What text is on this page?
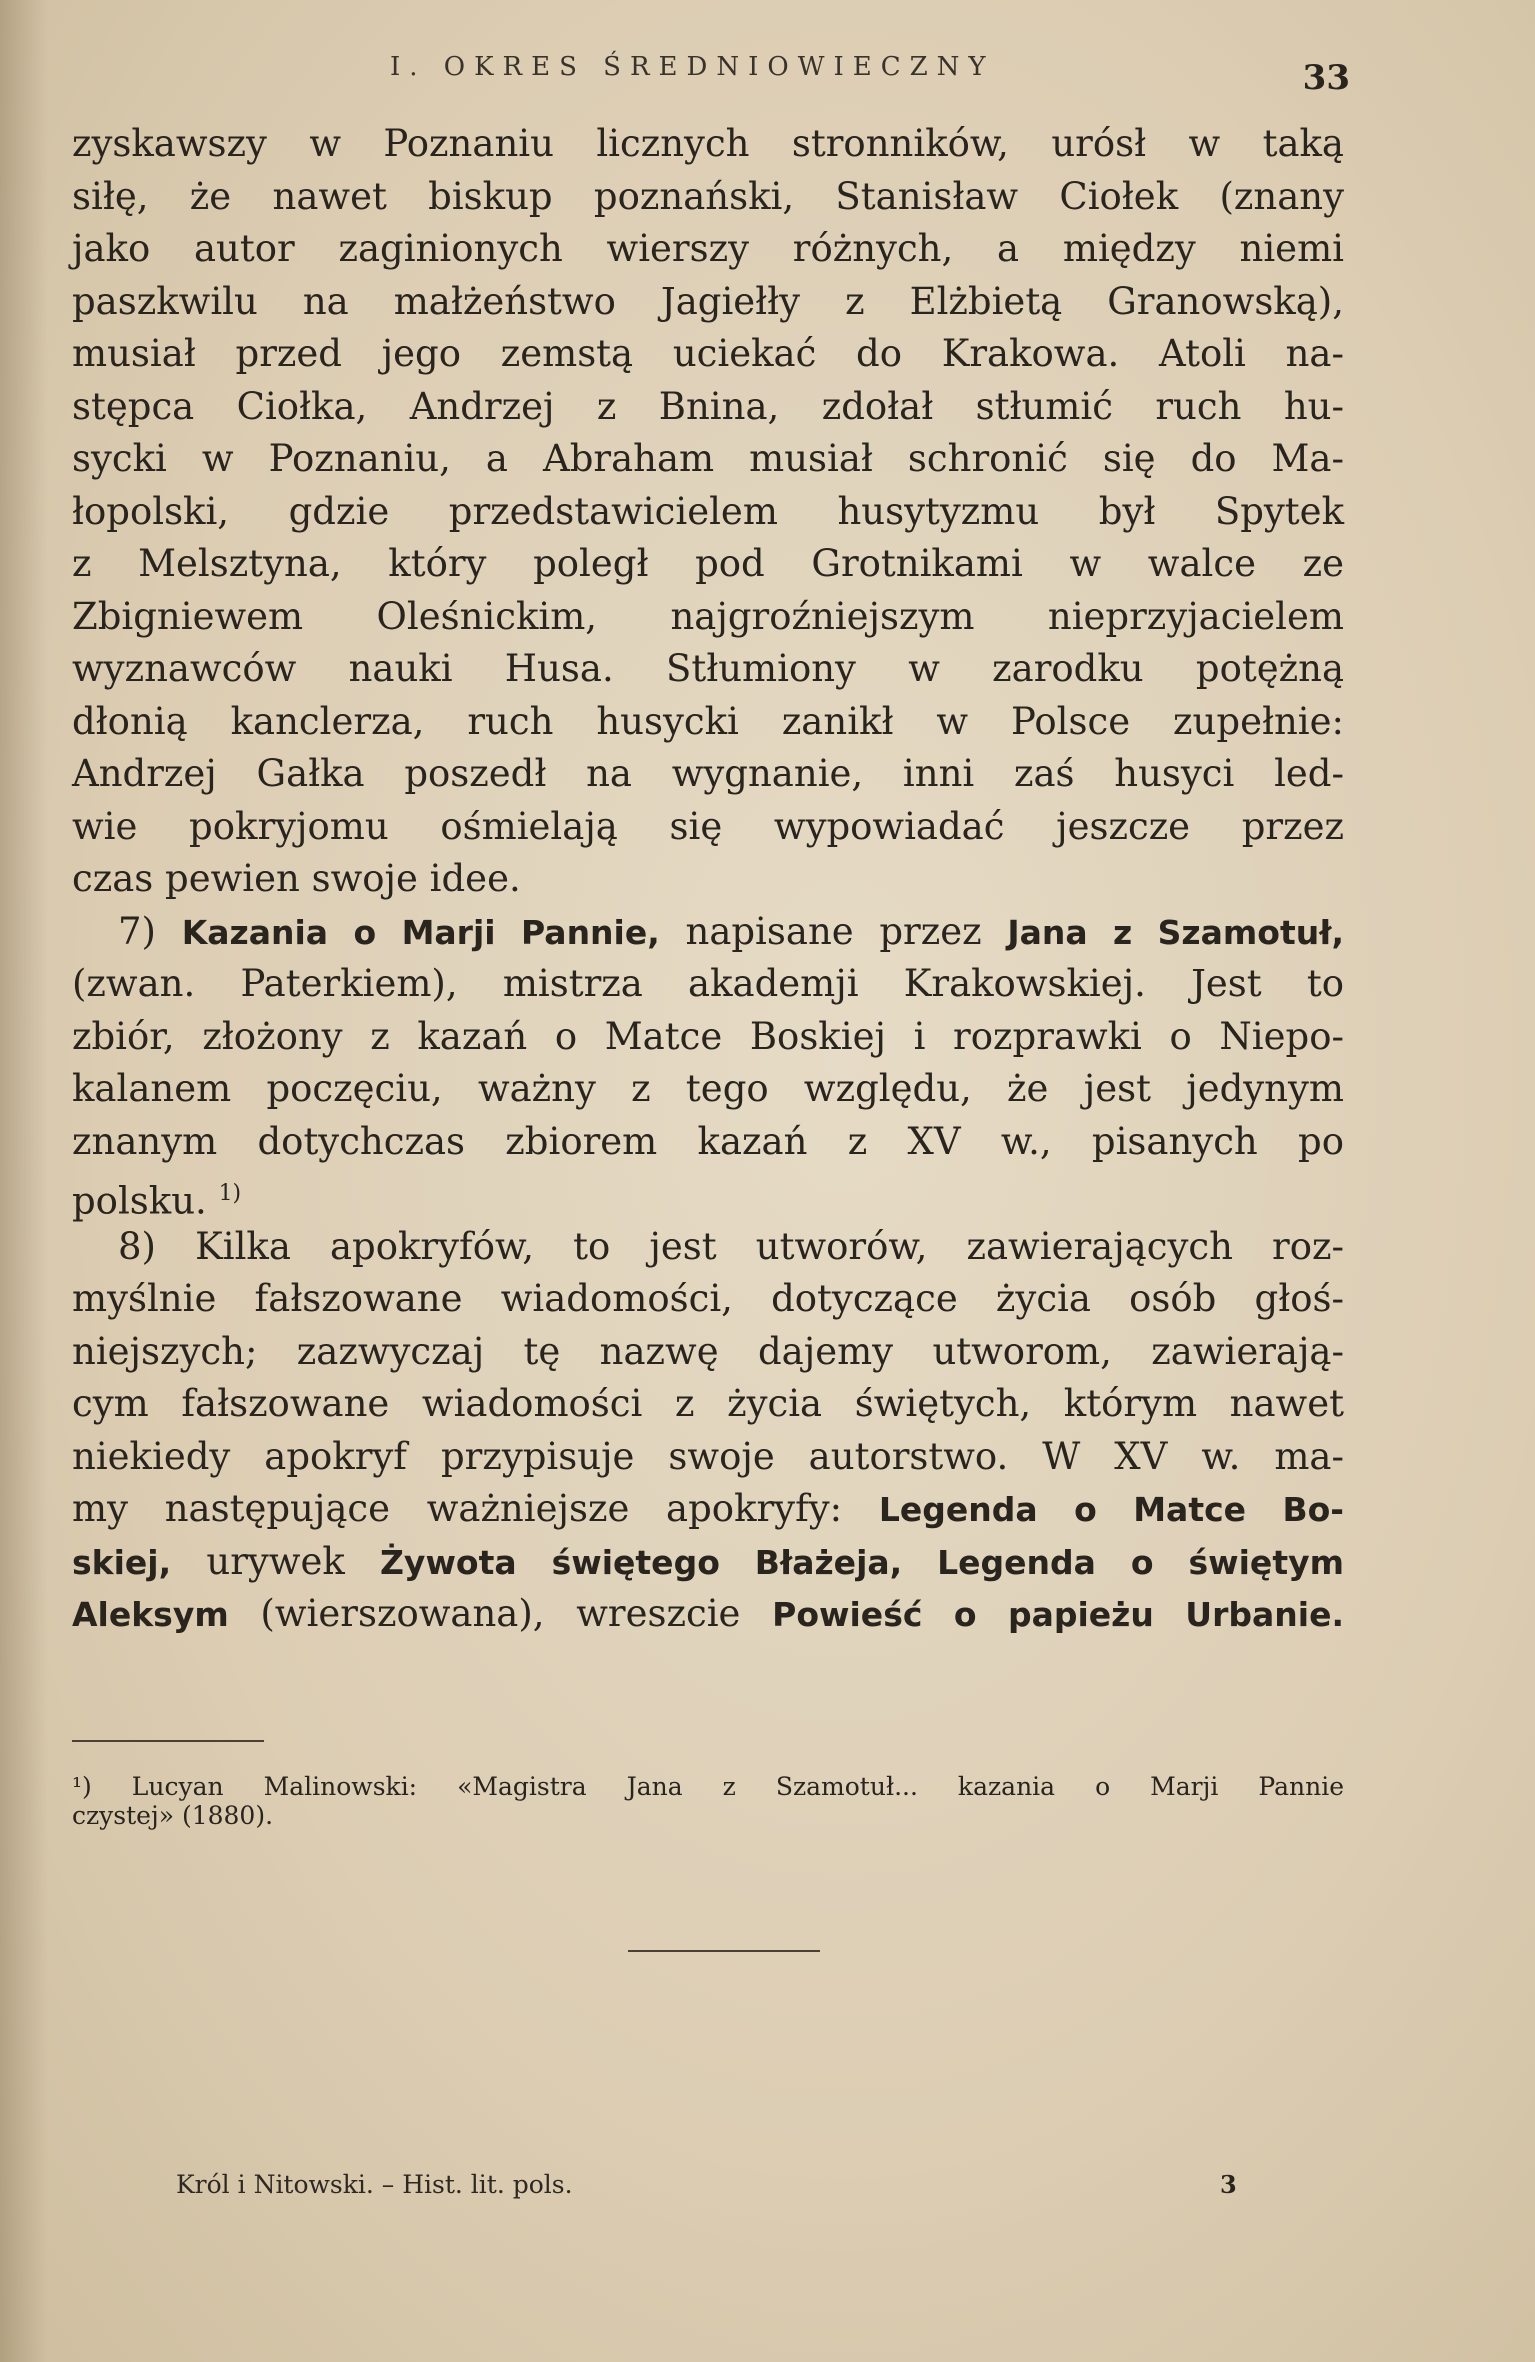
I. OKRES ŚREDNIOWIECZNY	33
zyskawszy w Poznaniu licznych stronników, urósł w taką
siłę, że nawet biskup poznański, Stanisław Ciołek (znany
jako autor zaginionych wierszy różnych, a między niemi
paszkwilu na małżeństwo Jagiełły z Elżbietą Granowską),
musiał przed jego zemstą uciekać do Krakowa. Atoli na-
stępca Ciołka, Andrzej z Bnina, zdołał stłumić ruch hu-
sycki w Poznaniu, a Abraham musiał schronić się do Ma-
łopolski, gdzie przedstawicielem husytyzmu był Spytek
z Melsztyna, który poległ pod Grotnikami w walce ze
Zbigniewem Oleśnickim, najgroźniejszym nieprzyjacielem
wyznawców nauki Husa. Stłumiony w zarodku potężną
dłonią kanclerza, ruch husycki zanikł w Polsce zupełnie:
Andrzej Gałka poszedł na wygnanie, inni zaś husyci led-
wie pokryjomu ośmielają się wypowiadać jeszcze przez
czas pewien swoje idee.
7) Kazania o Marji Pannie, napisane przez Jana z Szamotuł,
(zwan. Paterkiem), mistrza akademji Krakowskiej. Jest to
zbiór, złożony z kazań o Matce Boskiej i rozprawki o Niepo-
kalanem poczęciu, ważny z tego względu, że jest jedynym
znanym dotychczas zbiorem kazań z XV w., pisanych po
polsku. $^{1)}$
8) Kilka apokryfów, to jest utworów, zawierających roz-
myślnie fałszowane wiadomości, dotyczące życia osób głoś-
niejszych; zazwyczaj tę nazwę dajemy utworom, zawierają-
cym fałszowane wiadomości z życia świętych, którym nawet
niekiedy apokryf przypisuje swoje autorstwo. W XV w. ma-
my następujące ważniejsze apokryfy: Legenda o Matce Bo-
skiej, urywek Żywota świętego Błażeja, Legenda o świętym
Aleksym (wierszowana), wreszcie Powieść o papieżu Urbanie.
¹) Lucyan Malinowski: «Magistra Jana z Szamotuł... kazania o Marji Pannie
czystej» (1880).
Król i Nitowski. – Hist. lit. pols.	3
